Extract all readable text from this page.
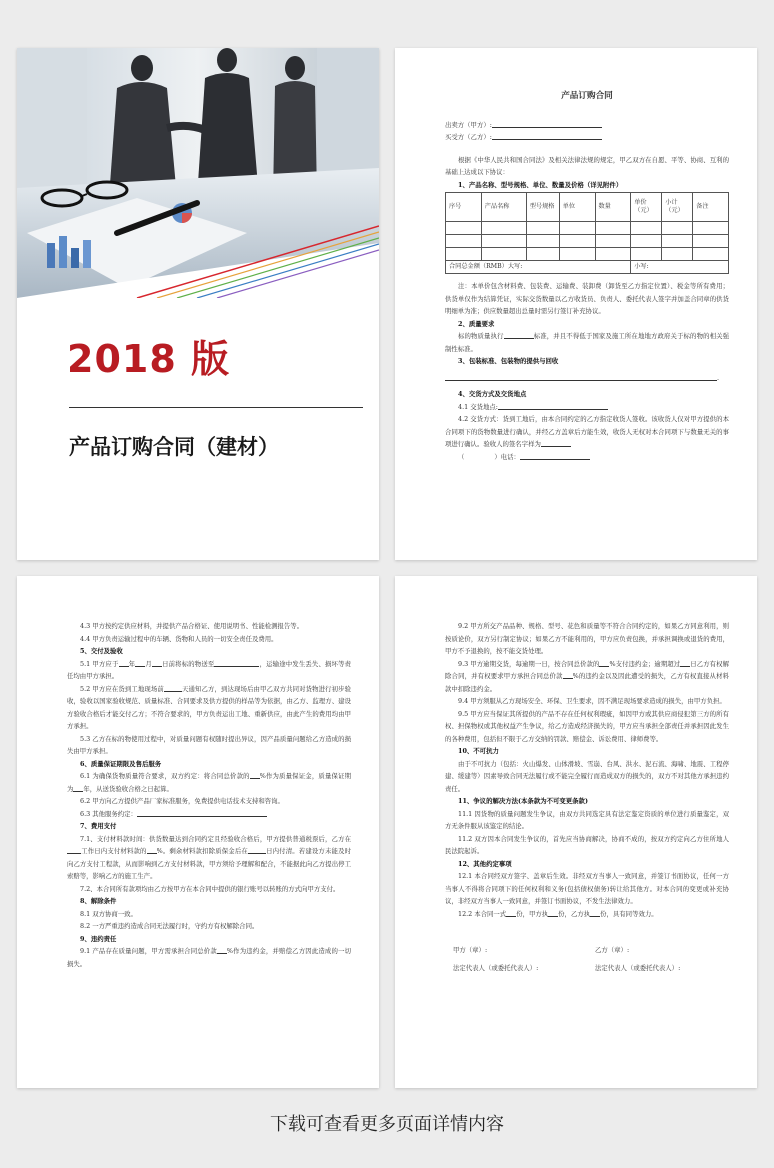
2018 版
产品订购合同（建材）
产品订购合同

出卖方（甲方）:

买受方（乙方）:

根据《中华人民共和国合同法》及相关法律法规的规定，甲乙双方在自愿、平等、协商、互利的基础上达成以下协议：

1、产品名称、型号规格、单位、数量及价格（详见附件）

序号	产品名称	型号规格	单位	数量	单价（元）	小计（元）	备注

合同总金额（RMB）大写:					小写:		

注：本单价包含材料费、包装费、运输费、装卸费（卸货至乙方指定位置）、税金等所有费用；供货单仅作为结算凭证，实际交货数量以乙方收货员、负责人、委托代表人签字并加盖合同章的供货明细单为准；供应数量超出总量时需另行签订补充协议。

2、质量要求

标的物质量执行	标准，并且不得低于国家及施工所在地地方政府关于标的物的相关强制性标准。

3、包装标准、包装物的提供与回收

.

4、交货方式及交货地点

4.1 交货地点:

4.2 交货方式：货到工地后，由本合同约定的乙方指定收货人签收。该收货人仅对甲方提供的本合同项下的货物数量进行确认，并经乙方盖章后方能生效，收货人无权对本合同项下与数量无关的事项进行确认。验收人的签名字样为

（	）电话：

4.3 甲方按约定供应材料，并提供产品合格证、使用说明书、性能检测报告等。

4.4 甲方负责运输过程中的车辆、货物和人员的一切安全责任及费用。

5、交付及验收

5.1 甲方应于 年 月 日前将标的物送至	，运输途中发生丢失、损坏等责任均由甲方承担。

5.2 甲方应在货到工地现场前	天通知乙方，到达现场后由甲乙双方共同对货物进行初步验收，验收以国家验收规范、质量标准、合同要求及供方提供的样品等为依据，由乙方、监理方、建设方验收合格后才能交付乙方；不符合要求的，甲方负责运出工地、重新供应，由此产生的费用均由甲方承担。

5.3 乙方在标的物使用过程中，对质量问题有权随时提出异议，因产品质量问题给乙方造成的损失由甲方承担。

6、质量保证期限及售后服务

6.1 为确保货物质量符合要求，双方约定：将合同总价款的 %作为质量保证金，质量保证期为 年，从送货验收合格之日起算。

6.2 甲方向乙方提供产品厂家标准服务，免费提供电话技术支持和咨询。

6.3 其他服务约定：

7、费用支付

7.1、支付材料款时间：供货数量达到合同约定且经验收合格后，甲方提供普通税票后，乙方在工作日内支付材料款的 %。剩余材料款扣除质保金后在	日内付清。若建设方未能及时向乙方支付工程款，从而影响到乙方支付材料款，甲方须给予理解和配合，不能据此向乙方提出停工索赔等，影响乙方的施工生产。

7.2、本合同所有款项均由乙方按甲方在本合同中提供的银行账号以转账的方式向甲方支付。

8、解除条件

8.1 双方协商一致。

8.2 一方严重违约造成合同无法履行时，守约方有权解除合同。

9、违约责任

9.1 产品存在质量问题，甲方需承担合同总价款 %作为违约金，并赔偿乙方因此造成的一切损失。

9.2 甲方所交产品品种、规格、型号、花色和质量等不符合合同约定的，如果乙方同意利用，则按质论价，双方另行制定协议；如果乙方不能利用的，甲方应负责包换，并承担调换或退货的费用，甲方不予退换的，按不能交货处理。

9.3 甲方逾期交货，每逾期一日，按合同总价款的 %支付违约金；逾期超过 日乙方有权解除合同，并有权要求甲方承担合同总价款 %的违约金以及因此遭受的损失，乙方有权直接从材料款中扣除违约金。

9.4 甲方须服从乙方现场安全、环保、卫生要求，因不满足现场要求造成的损失，由甲方负担。

9.5 甲方应当保证其所提供的产品不存在任何权利瑕疵，如因甲方或其供应商侵犯第三方的所有权、担保物权或其他权益产生争议，给乙方造成经济损失的，甲方应当承担全部责任并承担因此发生的各种费用，包括但不限于乙方交纳的罚款、赔偿金、诉讼费用、律师费等。

10、不可抗力

由于不可抗力（包括：火山爆发、山体滑坡、雪崩、台风、洪水、泥石流、海啸、地震、工程停建、缓建等）因素导致合同无法履行或不能完全履行而造成双方的损失的，双方不对其他方承担违约责任。

11、争议的解决方法(本条款为不可变更条款)

11.1 因货物的质量问题发生争议，由双方共同选定具有法定鉴定资质的单位进行质量鉴定，双方无条件服从该鉴定的结论。

11.2 双方因本合同发生争议的，首先应当协商解决，协商不成的，按双方约定向乙方住所地人民法院起诉。

12、其他约定事项

12.1 本合同经双方签字、盖章后生效。非经双方当事人一致同意，并签订书面协议，任何一方当事人不得将合同项下的任何权利和义务(包括债权债务)转让给其他方。对本合同的变更或补充协议，非经双方当事人一致同意，并签订书面协议，不发生法律效力。

12.2 本合同一式 份，甲方执 份，乙方执 份，具有同等效力。

甲方（章）:	乙方（章）:
法定代表人（或委托代表人）:	法定代表人（或委托代表人）:
下载可查看更多页面详情内容
